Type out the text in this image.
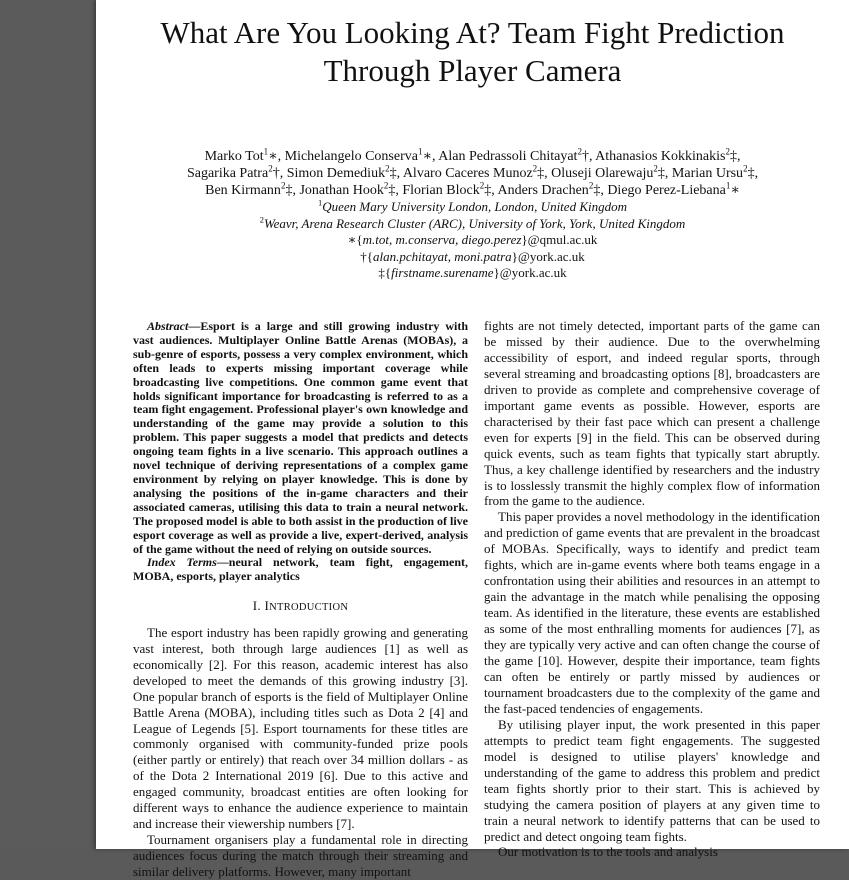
What Are You Looking At? Team Fight Prediction
Through Player Camera
Marko Tot$^1$∗, Michelangelo Conserva$^1$∗, Alan Pedrassoli Chitayat$^2$†, Athanasios Kokkinakis$^2$‡,
Sagarika Patra$^2$†, Simon Demediuk$^2$‡, Alvaro Caceres Munoz$^2$‡, Oluseji Olarewaju$^2$‡, Marian Ursu$^2$‡,
Ben Kirmann$^2$‡, Jonathan Hook$^2$‡, Florian Block$^2$‡, Anders Drachen$^2$‡, Diego Perez-Liebana$^1$∗
$^1$Queen Mary University London, London, United Kingdom
$^2$Weavr, Arena Research Cluster (ARC), University of York, York, United Kingdom
∗{m.tot, m.conserva, diego.perez}@qmul.ac.uk
†{alan.pchitayat, moni.patra}@york.ac.uk
‡{firstname.surename}@york.ac.uk

Abstract—Esport is a large and still growing industry with vast audiences. Multiplayer Online Battle Arenas (MOBAs), a sub-genre of esports, possess a very complex environment, which often leads to experts missing important coverage while broadcasting live competitions. One common game event that holds significant importance for broadcasting is referred to as a team fight engagement. Professional player's own knowledge and understanding of the game may provide a solution to this problem. This paper suggests a model that predicts and detects ongoing team fights in a live scenario. This approach outlines a novel technique of deriving representations of a complex game environment by relying on player knowledge. This is done by analysing the positions of the in-game characters and their associated cameras, utilising this data to train a neural network. The proposed model is able to both assist in the production of live esport coverage as well as provide a live, expert-derived, analysis of the game without the need of relying on outside sources.

Index Terms—neural network, team fight, engagement, MOBA, esports, player analytics

I. INTRODUCTION

The esport industry has been rapidly growing and generating vast interest, both through large audiences [1] as well as economically [2]. For this reason, academic interest has also developed to meet the demands of this growing industry [3]. One popular branch of esports is the field of Multiplayer Online Battle Arena (MOBA), including titles such as Dota 2 [4] and League of Legends [5]. Esport tournaments for these titles are commonly organised with community-funded prize pools (either partly or entirely) that reach over 34 million dollars - as of the Dota 2 International 2019 [6]. Due to this active and engaged community, broadcast entities are often looking for different ways to enhance the audience experience to maintain and increase their viewership numbers [7].

Tournament organisers play a fundamental role in directing audiences focus during the match through their streaming and similar delivery platforms. However, many important

fights are not timely detected, important parts of the game can be missed by their audience. Due to the overwhelming accessibility of esport, and indeed regular sports, through several streaming and broadcasting options [8], broadcasters are driven to provide as complete and comprehensive coverage of important game events as possible. However, esports are characterised by their fast pace which can present a challenge even for experts [9] in the field. This can be observed during quick events, such as team fights that typically start abruptly. Thus, a key challenge identified by researchers and the industry is to losslessly transmit the highly complex flow of information from the game to the audience.

This paper provides a novel methodology in the identification and prediction of game events that are prevalent in the broadcast of MOBAs. Specifically, ways to identify and predict team fights, which are in-game events where both teams engage in a confrontation using their abilities and resources in an attempt to gain the advantage in the match while penalising the opposing team. As identified in the literature, these events are established as some of the most enthralling moments for audiences [7], as they are typically very active and can often change the course of the game [10]. However, despite their importance, team fights can often be entirely or partly missed by audiences or tournament broadcasters due to the complexity of the game and the fast-paced tendencies of engagements.

By utilising player input, the work presented in this paper attempts to predict team fight engagements. The suggested model is designed to utilise players' knowledge and understanding of the game to address this problem and predict team fights shortly prior to their start. This is achieved by studying the camera position of players at any given time to train a neural network to identify patterns that can be used to predict and detect ongoing team fights.

Our motivation is to the tools and analysis
